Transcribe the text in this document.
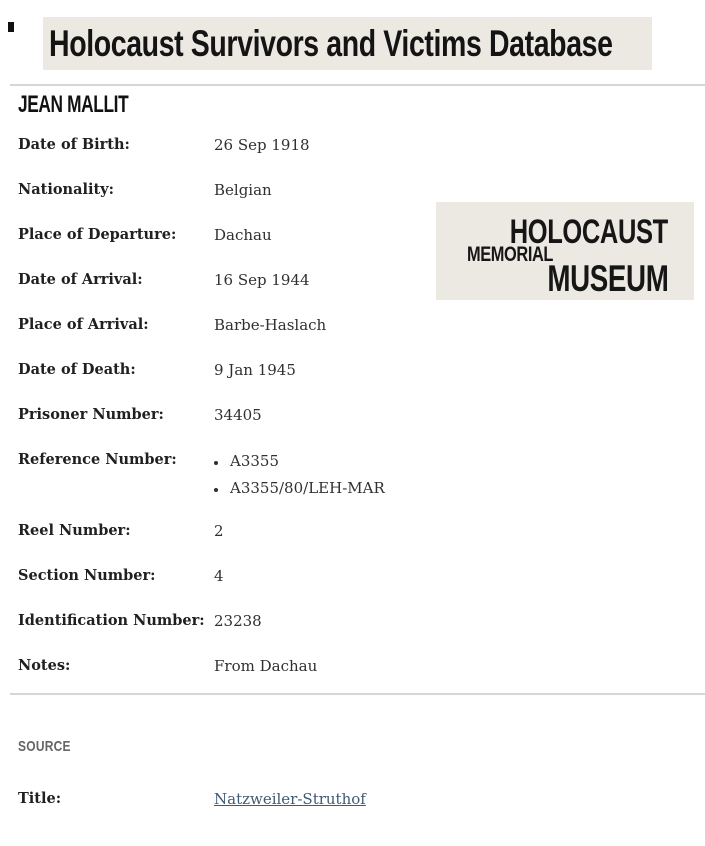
Holocaust Survivors and Victims Database
JEAN MALLIT
HOLOCAUST
MEMORIAL
MUSEUM
Date of Birth:	26 Sep 1918
Nationality:	Belgian
Place of Departure:	Dachau
Date of Arrival:	16 Sep 1944
Place of Arrival:	Barbe-Haslach
Date of Death:	9 Jan 1945
Prisoner Number:	34405
Reference Number:	• A3355
• A3355/80/LEH-MAR
Reel Number:	2
Section Number:	4
Identification Number: 23238
Notes:	From Dachau
SOURCE
Title:	Natzweiler-Struthof
